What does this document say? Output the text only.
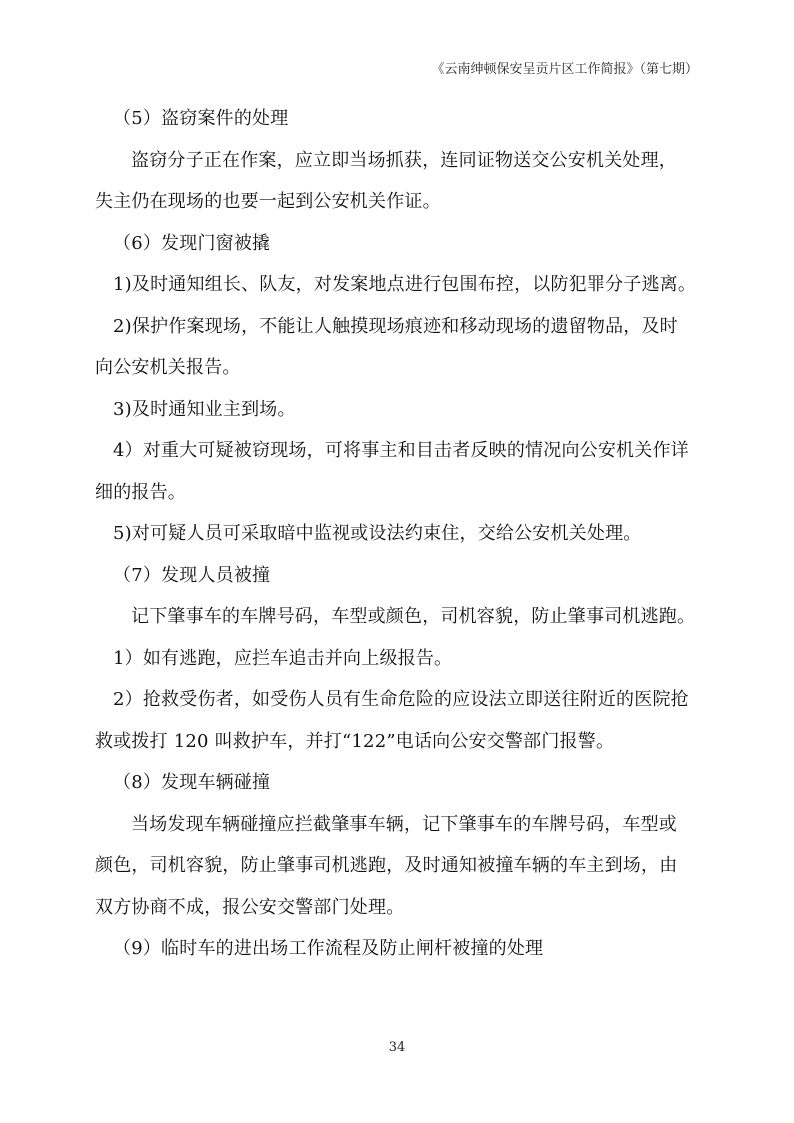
《云南绅顿保安呈贡片区工作简报》（第七期）
（5）盗窃案件的处理
盗窃分子正在作案，应立即当场抓获，连同证物送交公安机关处理，
失主仍在现场的也要一起到公安机关作证。
（6）发现门窗被撬
1)及时通知组长、队友，对发案地点进行包围布控，以防犯罪分子逃离。
2)保护作案现场，不能让人触摸现场痕迹和移动现场的遗留物品，及时
向公安机关报告。
3)及时通知业主到场。
4）对重大可疑被窃现场，可将事主和目击者反映的情况向公安机关作详
细的报告。
5)对可疑人员可采取暗中监视或设法约束住，交给公安机关处理。
（7）发现人员被撞
记下肇事车的车牌号码，车型或颜色，司机容貌，防止肇事司机逃跑。
1）如有逃跑，应拦车追击并向上级报告。
2）抢救受伤者，如受伤人员有生命危险的应设法立即送往附近的医院抢
救或拨打 120 叫救护车，并打“122”电话向公安交警部门报警。
（8）发现车辆碰撞
当场发现车辆碰撞应拦截肇事车辆，记下肇事车的车牌号码，车型或
颜色，司机容貌，防止肇事司机逃跑，及时通知被撞车辆的车主到场，由
双方协商不成，报公安交警部门处理。
（9）临时车的进出场工作流程及防止闸杆被撞的处理
34
